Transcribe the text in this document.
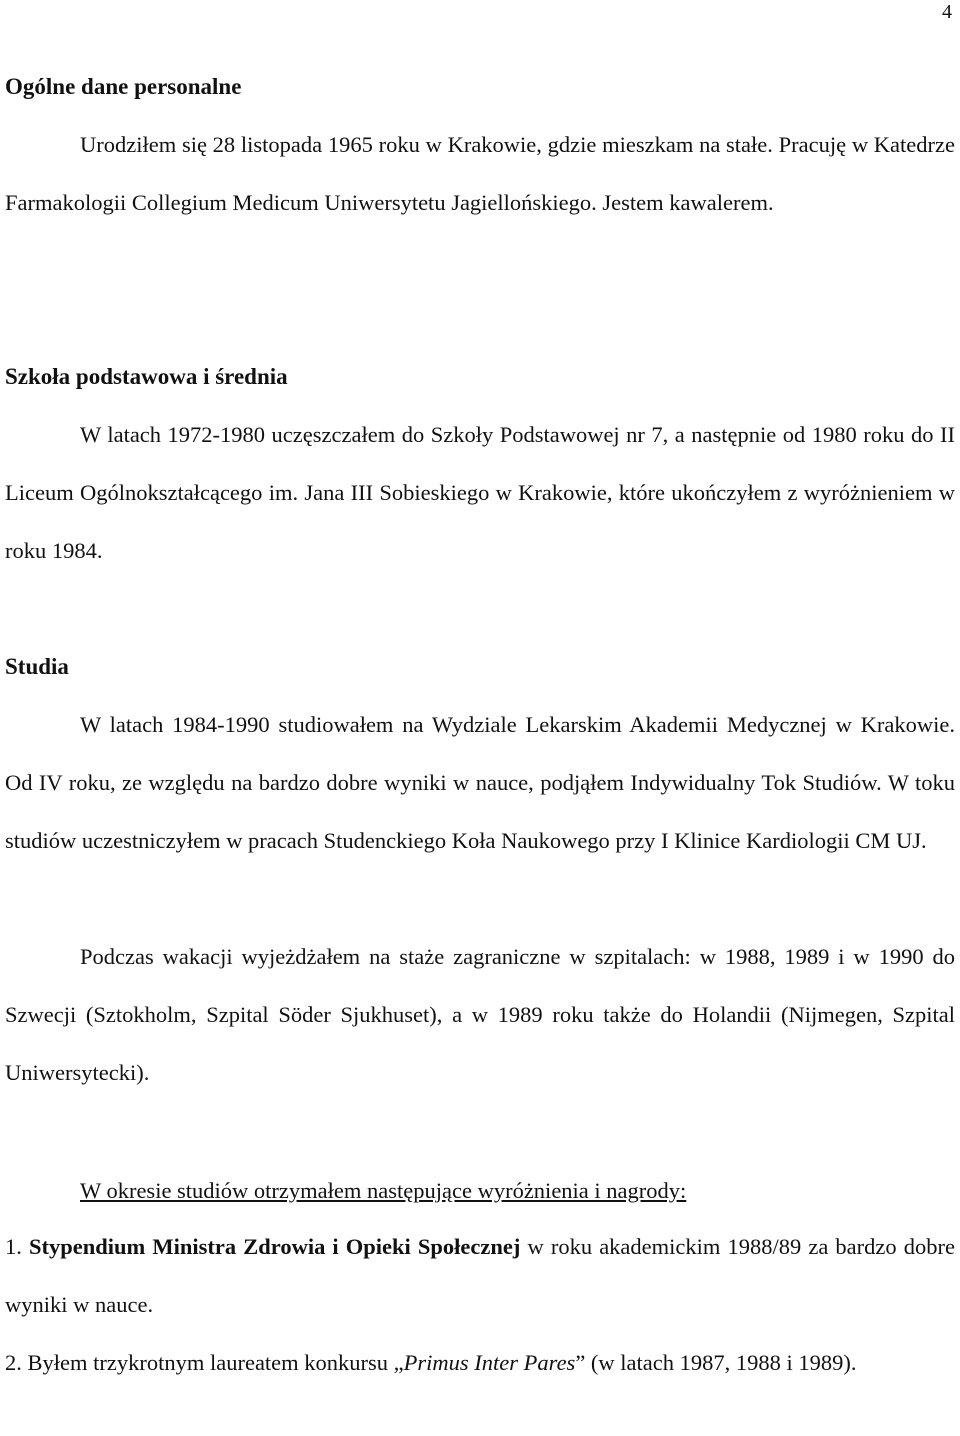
4
Ogólne dane personalne

Urodziłem się 28 listopada 1965 roku w Krakowie, gdzie mieszkam na stałe. Pracuję w Katedrze Farmakologii Collegium Medicum Uniwersytetu Jagiellońskiego. Jestem kawalerem.

Szkoła podstawowa i średnia

W latach 1972-1980 uczęszczałem do Szkoły Podstawowej nr 7, a następnie od 1980 roku do II Liceum Ogólnokształcącego im. Jana III Sobieskiego w Krakowie, które ukończyłem z wyróżnieniem w roku 1984.

Studia

W latach 1984-1990 studiowałem na Wydziale Lekarskim Akademii Medycznej w Krakowie. Od IV roku, ze względu na bardzo dobre wyniki w nauce, podjąłem Indywidualny Tok Studiów. W toku studiów uczestniczyłem w pracach Studenckiego Koła Naukowego przy I Klinice Kardiologii CM UJ.

Podczas wakacji wyjeżdżałem na staże zagraniczne w szpitalach: w 1988, 1989 i w 1990 do Szwecji (Sztokholm, Szpital Söder Sjukhuset), a w 1989 roku także do Holandii (Nijmegen, Szpital Uniwersytecki).

W okresie studiów otrzymałem następujące wyróżnienia i nagrody:

1. Stypendium Ministra Zdrowia i Opieki Społecznej w roku akademickim 1988/89 za bardzo dobre wyniki w nauce.

2. Byłem trzykrotnym laureatem konkursu „Primus Inter Pares” (w latach 1987, 1988 i 1989).
